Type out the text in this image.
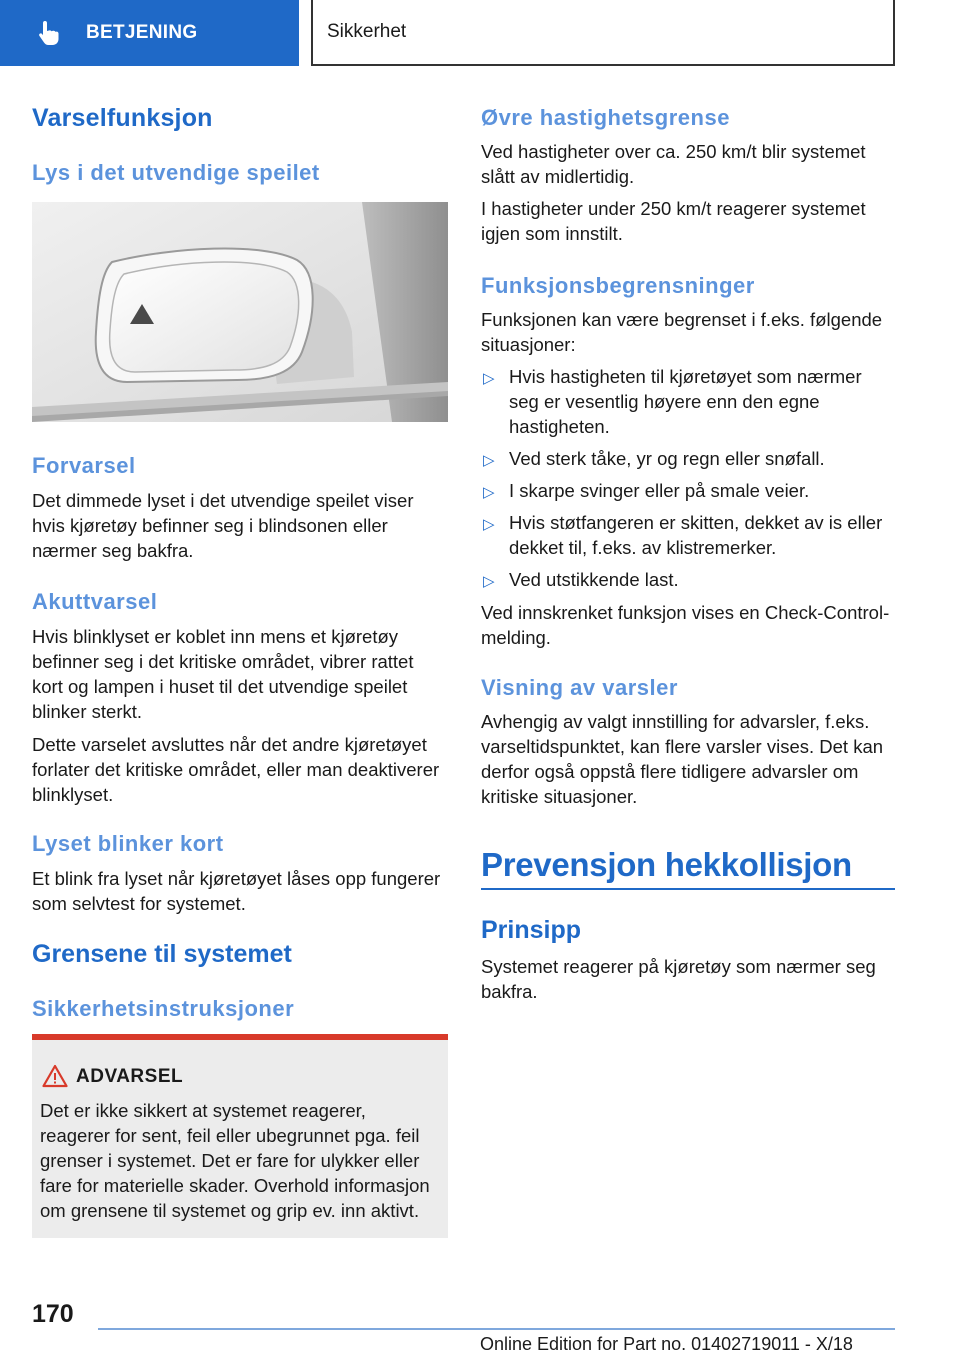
BETJENING	Sikkerhet
Varselfunksjon
Lys i det utvendige speilet
Forvarsel

Det dimmede lyset i det utvendige speilet viser hvis kjøretøy befinner seg i blindsonen eller nærmer seg bakfra.

Akuttvarsel

Hvis blinklyset er koblet inn mens et kjøretøy befinner seg i det kritiske området, vibrer rattet kort og lampen i huset til det utvendige speilet blinker sterkt.

Dette varselet avsluttes når det andre kjøretøyet forlater det kritiske området, eller man deaktiverer blinklyset.

Lyset blinker kort

Et blink fra lyset når kjøretøyet låses opp fungerer som selvtest for systemet.

Grensene til systemet
Sikkerhetsinstruksjoner
ADVARSEL

Det er ikke sikkert at systemet reagerer, reagerer for sent, feil eller ubegrunnet pga. feil grenser i systemet. Det er fare for ulykker eller fare for materielle skader. Overhold informasjon om grensene til systemet og grip ev. inn aktivt.

Øvre hastighetsgrense

Ved hastigheter over ca. 250 km/t blir systemet slått av midlertidig.

I hastigheter under 250 km/t reagerer systemet igjen som innstilt.

Funksjonsbegrensninger

Funksjonen kan være begrenset i f.eks. følgende situasjoner:

▷ Hvis hastigheten til kjøretøyet som nærmer seg er vesentlig høyere enn den egne hastigheten.
▷ Ved sterk tåke, yr og regn eller snøfall.
▷ I skarpe svinger eller på smale veier.
▷ Hvis støtfangeren er skitten, dekket av is eller dekket til, f.eks. av klistremerker.
▷ Ved utstikkende last.

Ved innskrenket funksjon vises en Check-Control-melding.

Visning av varsler

Avhengig av valgt innstilling for advarsler, f.eks. varseltidspunktet, kan flere varsler vises. Det kan derfor også oppstå flere tidligere advarsler om kritiske situasjoner.

Prevensjon hekkollisjon
Prinsipp

Systemet reagerer på kjøretøy som nærmer seg bakfra.

170
Online Edition for Part no. 01402719011 - X/18
